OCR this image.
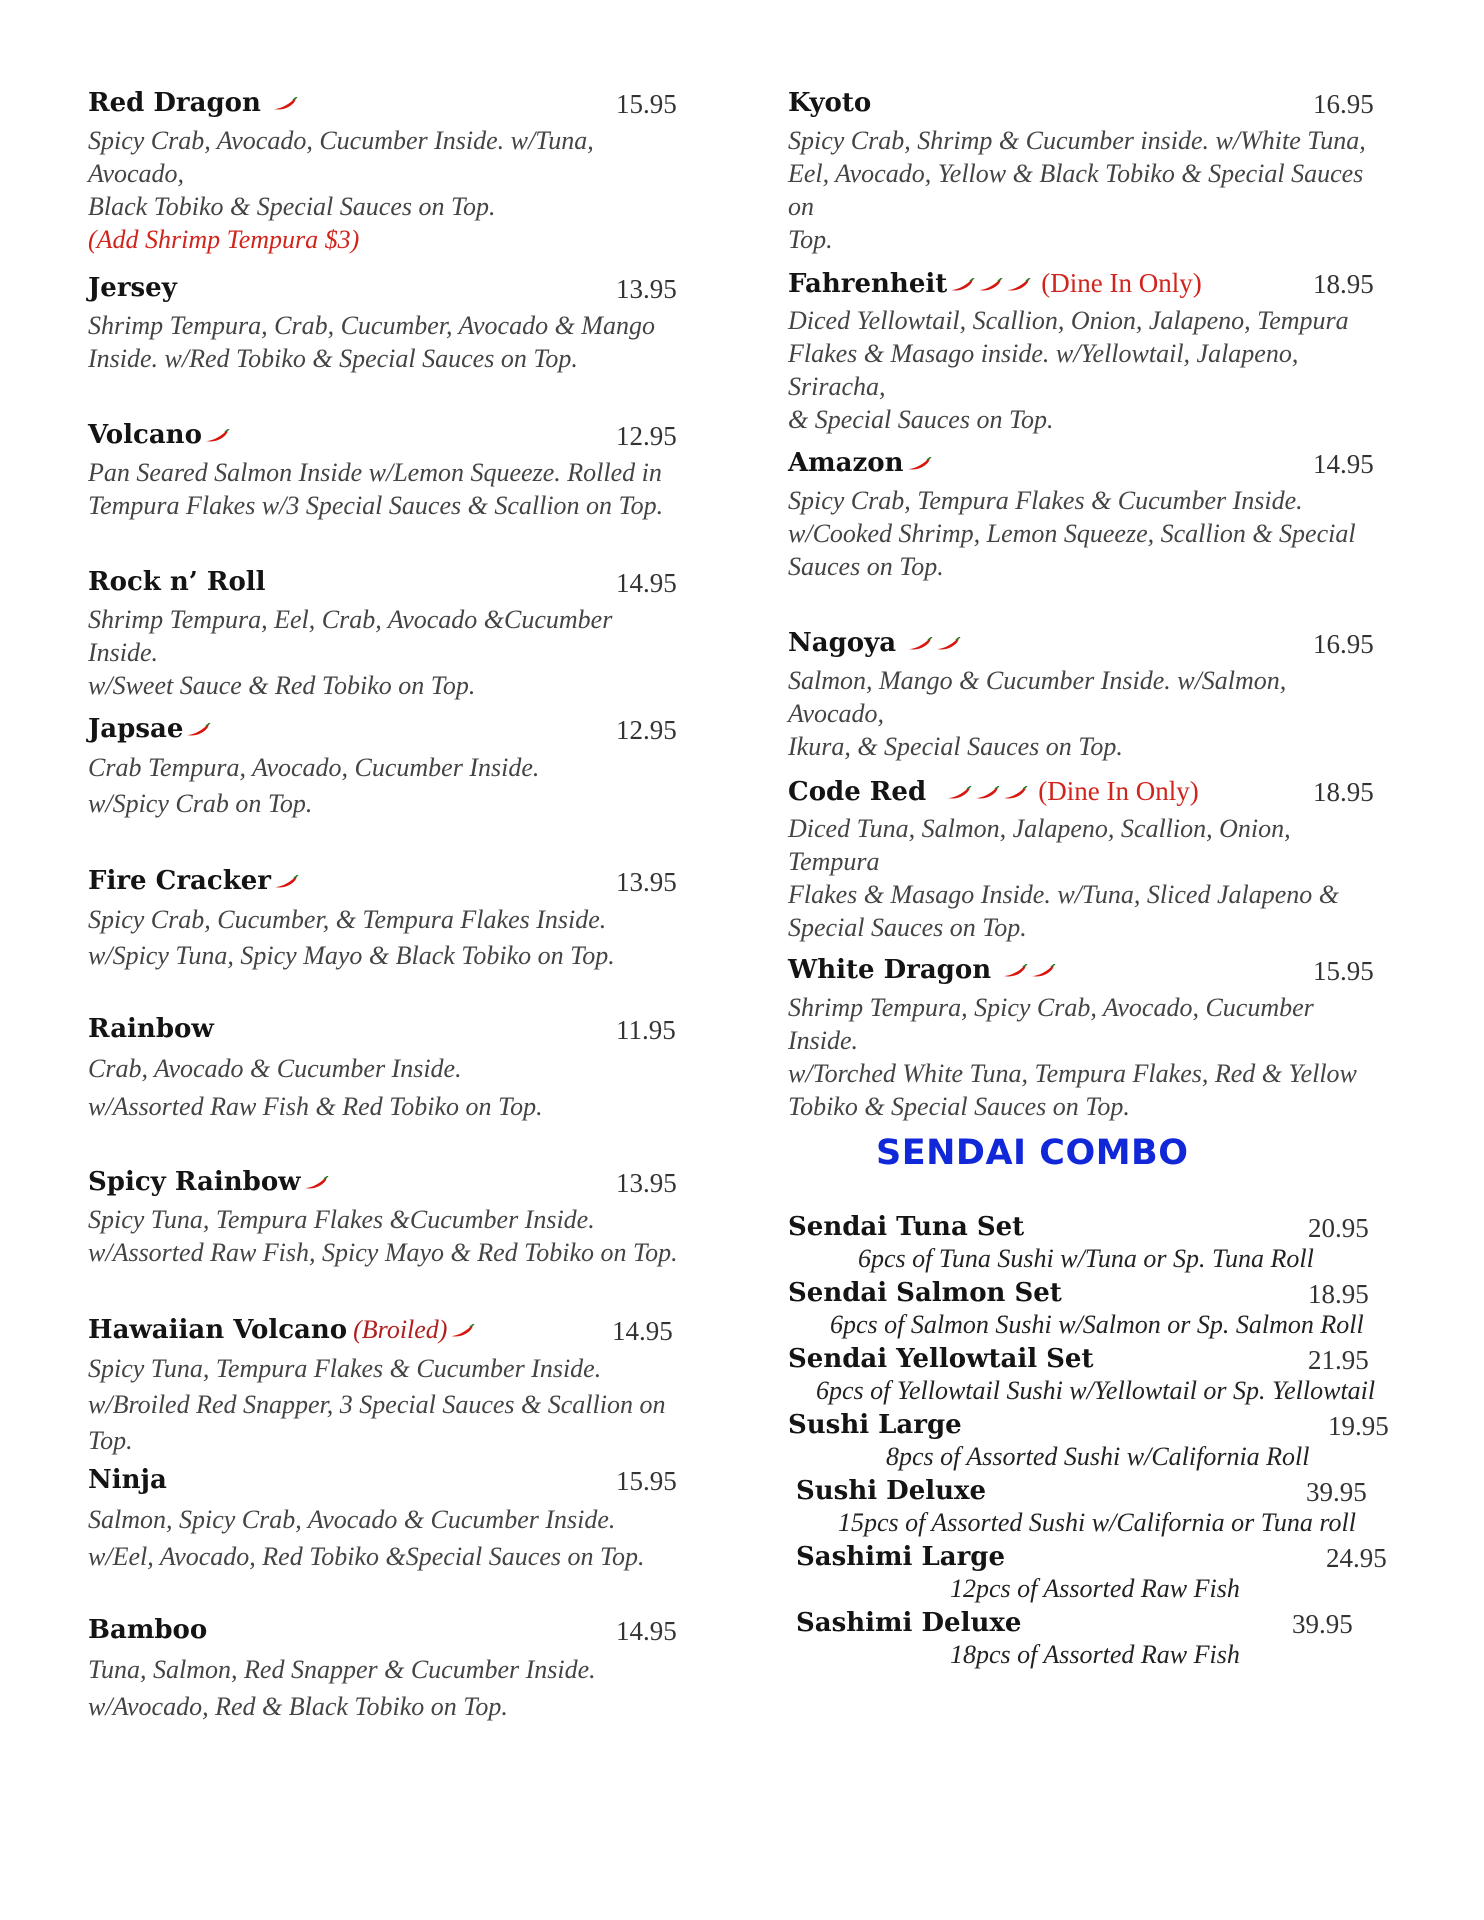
Red Dragon	15.95
Spicy Crab, Avocado, Cucumber Inside. w/Tuna, Avocado,
Black Tobiko & Special Sauces on Top.
(Add Shrimp Tempura $3)
Jersey	13.95
Shrimp Tempura, Crab, Cucumber, Avocado & Mango
Inside. w/Red Tobiko & Special Sauces on Top.
Volcano	12.95
Pan Seared Salmon Inside w/Lemon Squeeze. Rolled in
Tempura Flakes w/3 Special Sauces & Scallion on Top.
Rock n’ Roll	14.95
Shrimp Tempura, Eel, Crab, Avocado &Cucumber Inside.
w/Sweet Sauce & Red Tobiko on Top.
Japsae	12.95
Crab Tempura, Avocado, Cucumber Inside.
w/Spicy Crab on Top.
Fire Cracker	13.95
Spicy Crab, Cucumber, & Tempura Flakes Inside.
w/Spicy Tuna, Spicy Mayo & Black Tobiko on Top.
Rainbow	11.95
Crab, Avocado & Cucumber Inside.
w/Assorted Raw Fish & Red Tobiko on Top.
Spicy Rainbow	13.95
Spicy Tuna, Tempura Flakes &Cucumber Inside.
w/Assorted Raw Fish, Spicy Mayo & Red Tobiko on Top.
Hawaiian Volcano (Broiled)	14.95
Spicy Tuna, Tempura Flakes & Cucumber Inside.
w/Broiled Red Snapper, 3 Special Sauces & Scallion on Top.
Ninja	15.95
Salmon, Spicy Crab, Avocado & Cucumber Inside.
w/Eel, Avocado, Red Tobiko &Special Sauces on Top.
Bamboo	14.95
Tuna, Salmon, Red Snapper & Cucumber Inside.
w/Avocado, Red & Black Tobiko on Top.
Kyoto	16.95
Spicy Crab, Shrimp & Cucumber inside. w/White Tuna,
Eel, Avocado, Yellow & Black Tobiko & Special Sauces on
Top.
Fahrenheit	(Dine In Only)	18.95
Diced Yellowtail, Scallion, Onion, Jalapeno, Tempura
Flakes & Masago inside. w/Yellowtail, Jalapeno, Sriracha,
& Special Sauces on Top.
Amazon	14.95
Spicy Crab, Tempura Flakes & Cucumber Inside.
w/Cooked Shrimp, Lemon Squeeze, Scallion & Special
Sauces on Top.
Nagoya	16.95
Salmon, Mango & Cucumber Inside. w/Salmon, Avocado,
Ikura, & Special Sauces on Top.
Code Red	(Dine In Only)	18.95
Diced Tuna, Salmon, Jalapeno, Scallion, Onion, Tempura
Flakes & Masago Inside. w/Tuna, Sliced Jalapeno &
Special Sauces on Top.
White Dragon	15.95
Shrimp Tempura, Spicy Crab, Avocado, Cucumber Inside.
w/Torched White Tuna, Tempura Flakes, Red & Yellow
Tobiko & Special Sauces on Top.
SENDAI COMBO
Sendai Tuna Set	20.95
6pcs of Tuna Sushi w/Tuna or Sp. Tuna Roll
Sendai Salmon Set	18.95
6pcs of Salmon Sushi w/Salmon or Sp. Salmon Roll
Sendai Yellowtail Set	21.95
6pcs of Yellowtail Sushi w/Yellowtail or Sp. Yellowtail
Sushi Large	19.95
8pcs of Assorted Sushi w/California Roll
Sushi Deluxe	39.95
15pcs of Assorted Sushi w/California or Tuna roll
Sashimi Large	24.95
12pcs of Assorted Raw Fish
Sashimi Deluxe	39.95
18pcs of Assorted Raw Fish
